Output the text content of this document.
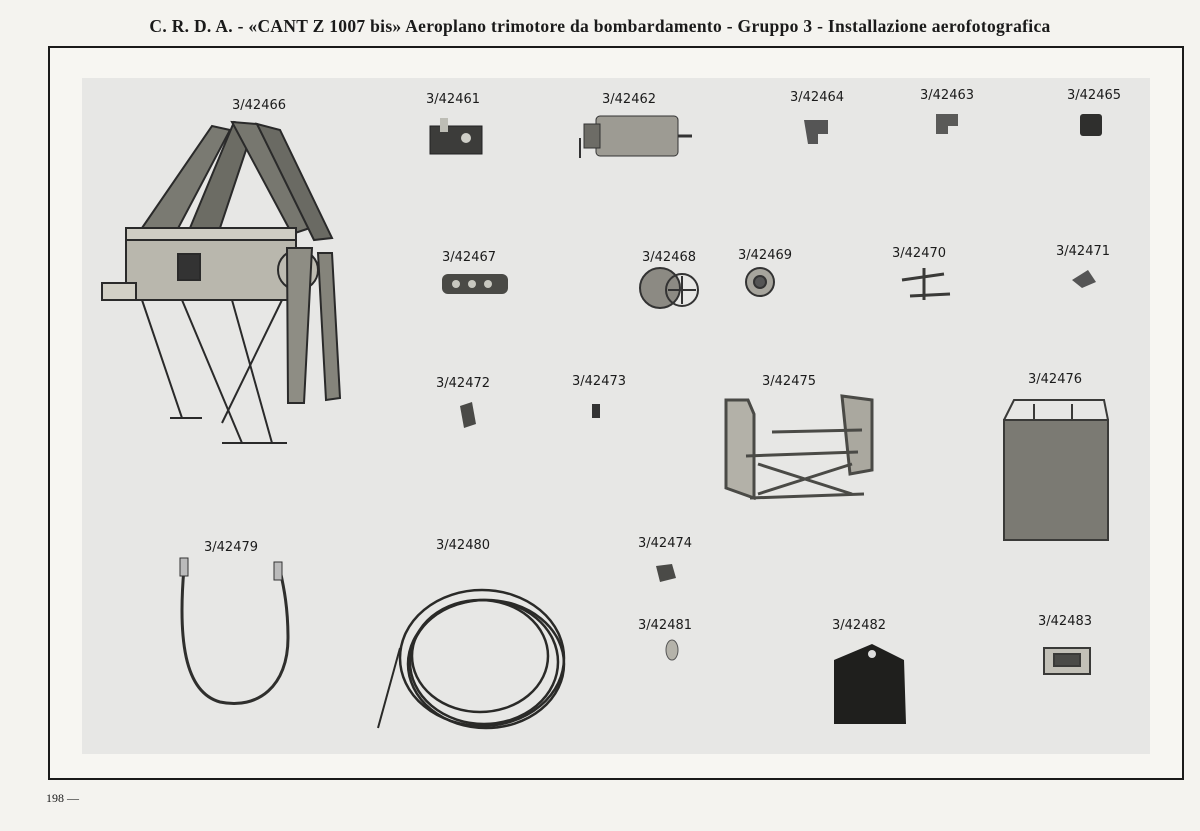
C. R. D. A. - «CANT Z 1007 bis» Aeroplano trimotore da bombardamento - Gruppo 3 - Installazione aerofotografica
3/42466	3/42461	3/42462	3/42464	3/42463	3/42465
3/42467	3/42468	3/42469	3/42470	3/42471
3/42472	3/42473	3/42475	3/42476
3/42479	3/42480	3/42474
3/42481	3/42482	3/42483
198 —
